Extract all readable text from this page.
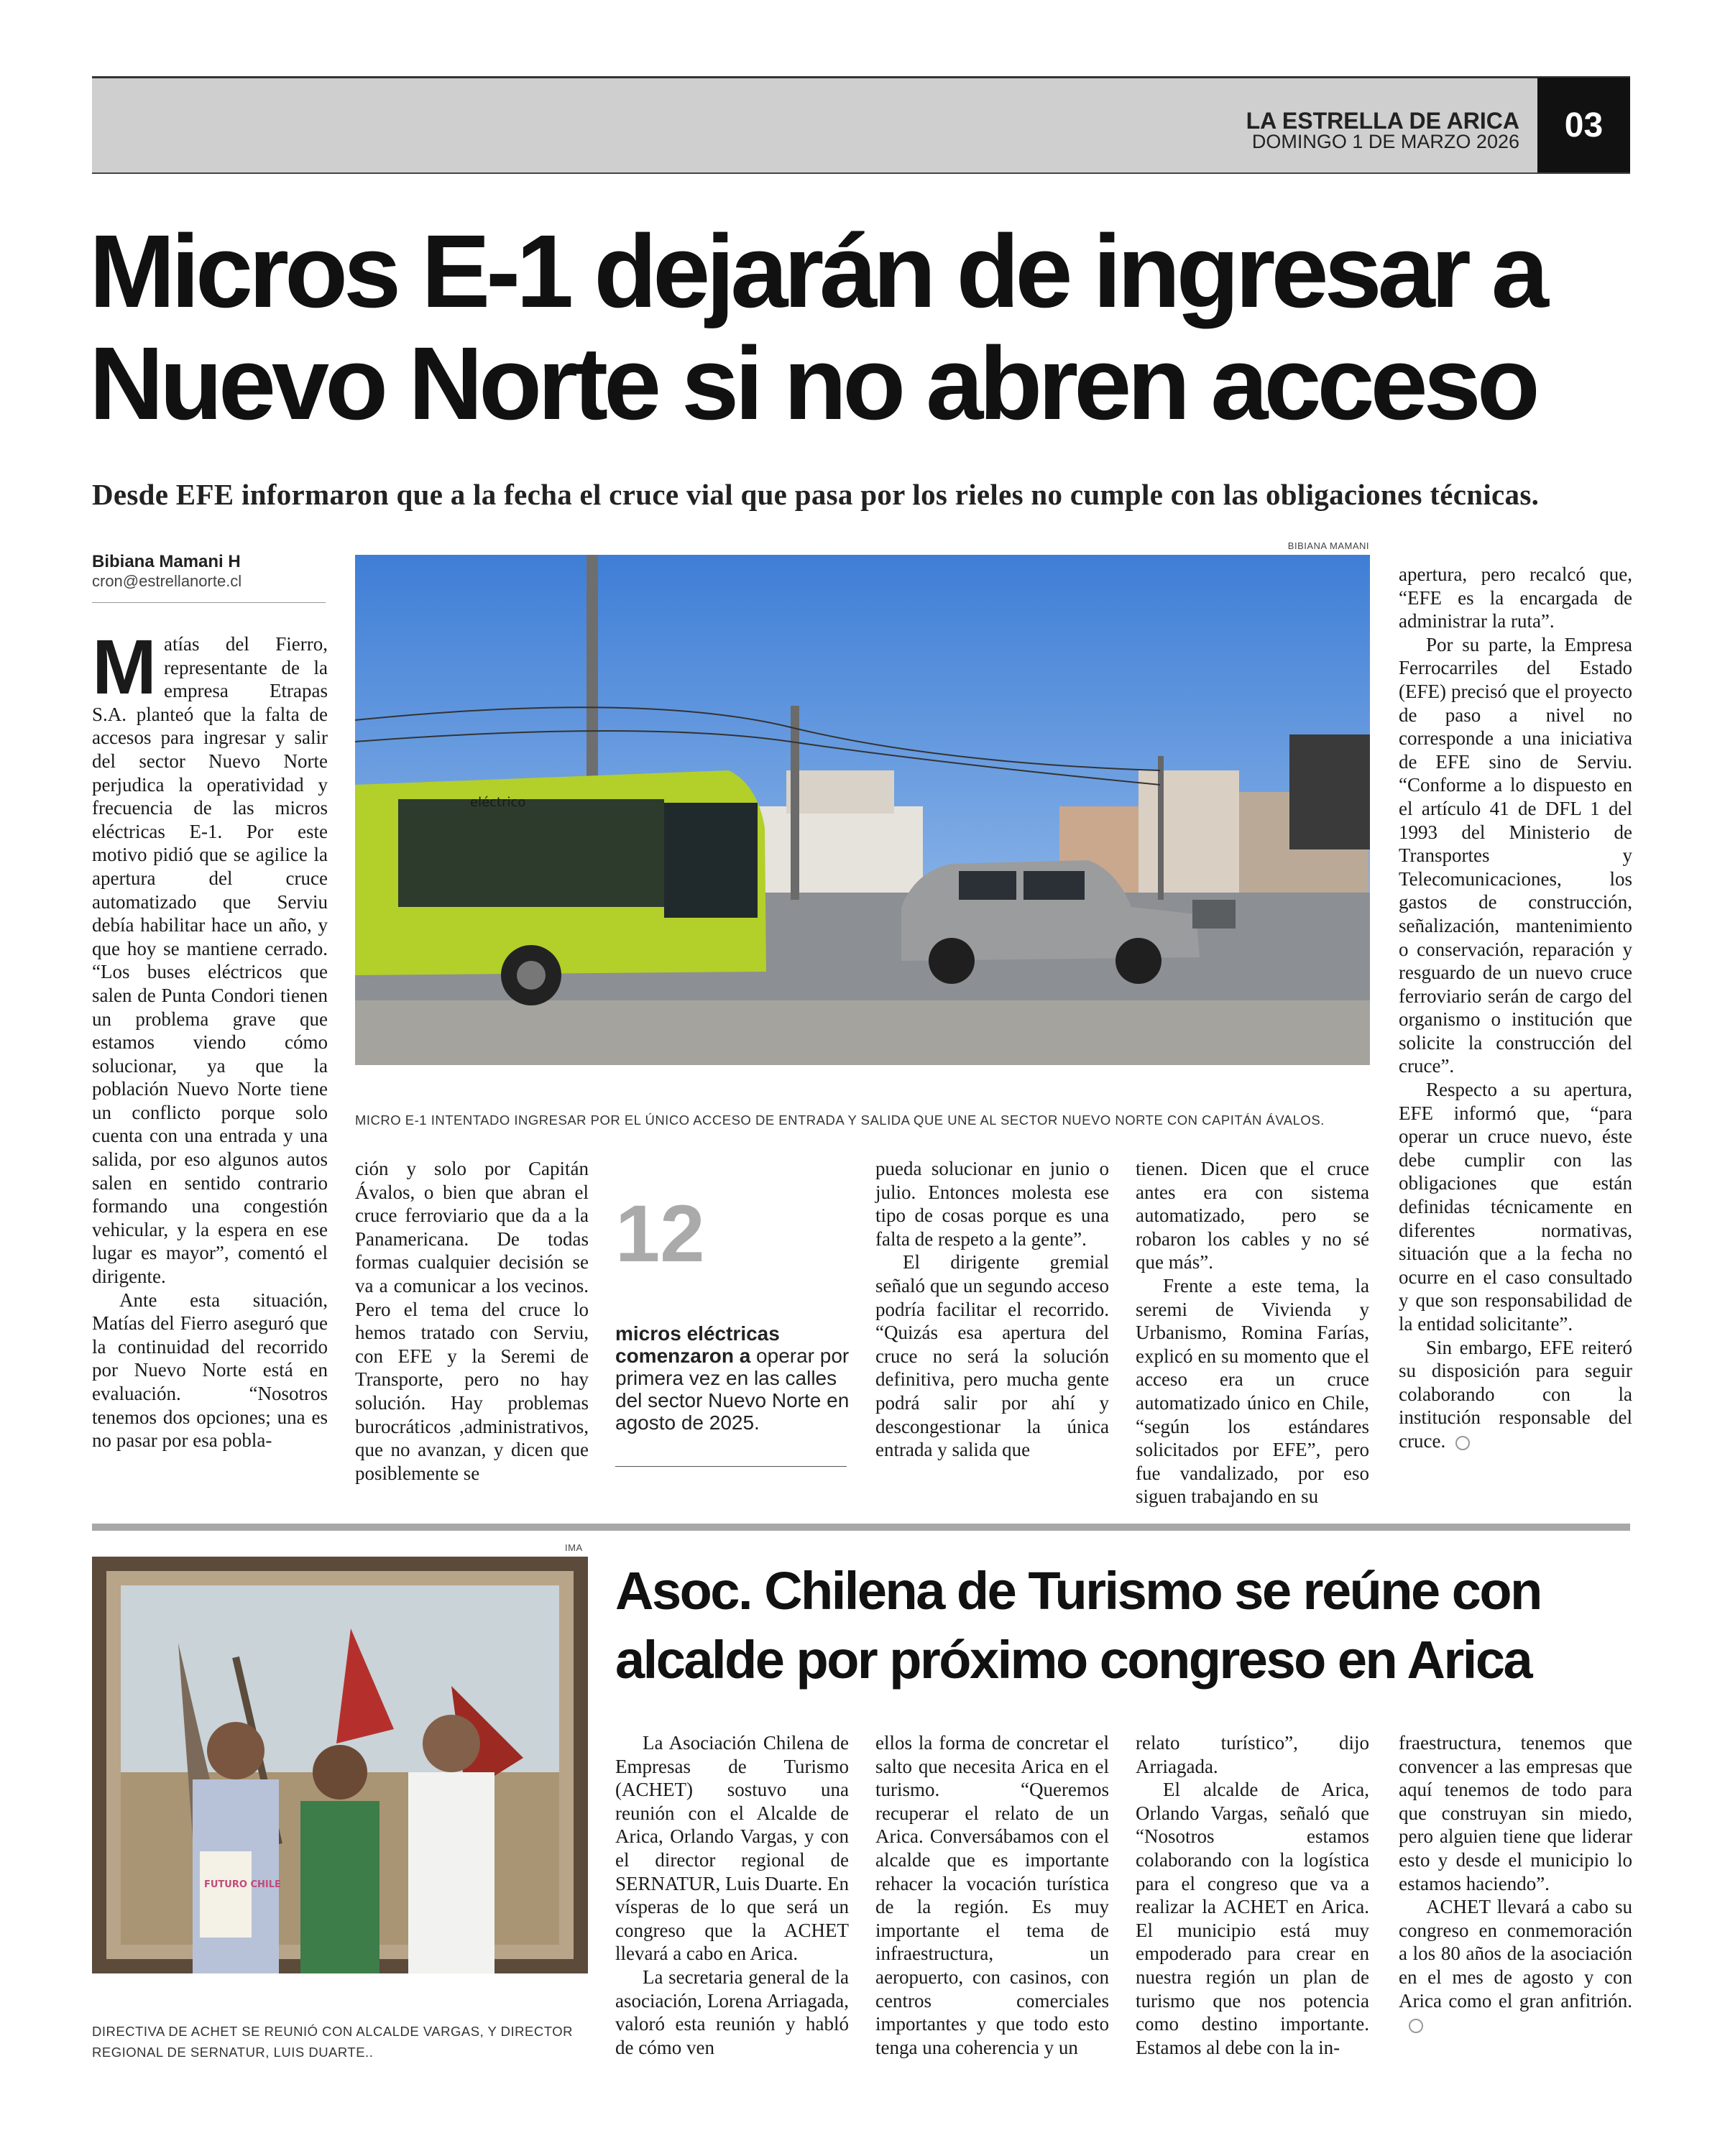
LA ESTRELLA DE ARICA
DOMINGO 1 DE MARZO 2026 03
Micros E-1 dejarán de ingresar a
Nuevo Norte si no abren acceso
Desde EFE informaron que a la fecha el cruce vial que pasa por los rieles no cumple con las obligaciones técnicas.
Bibiana Mamani H
cron@estrellanorte.cl
BIBIANA MAMANI
eléctrico
MICRO E-1 INTENTADO INGRESAR POR EL ÚNICO ACCESO DE ENTRADA Y SALIDA QUE UNE AL SECTOR NUEVO NORTE CON CAPITÁN ÁVALOS.
M atías del Fierro, representante de la empresa Etrapas S.A. planteó que la falta de accesos para ingresar y salir del sector Nuevo Norte perjudica la operatividad y frecuencia de las micros eléctricas E-1. Por este motivo pidió que se agilice la apertura del cruce automatizado que Serviu debía habilitar hace un año, y que hoy se mantiene cerrado. “Los buses eléctricos que salen de Punta Condori tienen un problema grave que estamos viendo cómo solucionar, ya que la población Nuevo Norte tiene un conflicto porque solo cuenta con una entrada y una salida, por eso algunos autos salen en sentido contrario formando una congestión vehicular, y la espera en ese lugar es mayor”, comentó el dirigente.

Ante esta situación, Matías del Fierro aseguró que la continuidad del recorrido por Nuevo Norte está en evaluación. “Nosotros tenemos dos opciones; una es no pasar por esa pobla-

ción y solo por Capitán Ávalos, o bien que abran el cruce ferroviario que da a la Panamericana. De todas formas cualquier decisión se va a comunicar a los vecinos. Pero el tema del cruce lo hemos tratado con Serviu, con EFE y la Seremi de Transporte, pero no hay solución. Hay problemas burocráticos ,administrativos, que no avanzan, y dicen que posiblemente se

12
micros eléctricas comenzaron a operar por primera vez en las calles del sector Nuevo Norte en agosto de 2025.

pueda solucionar en junio o julio. Entonces molesta ese tipo de cosas porque es una falta de respeto a la gente”.

El dirigente gremial señaló que un segundo acceso podría facilitar el recorrido. “Quizás esa apertura del cruce no será la solución definitiva, pero mucha gente podrá salir por ahí y descongestionar la única entrada y salida que

tienen. Dicen que el cruce antes era con sistema automatizado, pero se robaron los cables y no sé que más”.

Frente a este tema, la seremi de Vivienda y Urbanismo, Romina Farías, explicó en su momento que el acceso era un cruce automatizado único en Chile, “según los estándares solicitados por EFE”, pero fue vandalizado, por eso siguen trabajando en su

apertura, pero recalcó que, “EFE es la encargada de administrar la ruta”.

Por su parte, la Empresa Ferrocarriles del Estado (EFE) precisó que el proyecto de paso a nivel no corresponde a una iniciativa de EFE sino de Serviu. “Conforme a lo dispuesto en el artículo 41 de DFL 1 del 1993 del Ministerio de Transportes y Telecomunicaciones, los gastos de construcción, señalización, mantenimiento o conservación, reparación y resguardo de un nuevo cruce ferroviario serán de cargo del organismo o institución que solicite la construcción del cruce”.

Respecto a su apertura, EFE informó que, “para operar un cruce nuevo, éste debe cumplir con las obligaciones que están definidas técnicamente en diferentes normativas, situación que a la fecha no ocurre en el caso consultado y que son responsabilidad de la entidad solicitante”.

Sin embargo, EFE reiteró su disposición para seguir colaborando con la institución responsable del cruce.

IMA
FUTURO CHILE
DIRECTIVA DE ACHET SE REUNIÓ CON ALCALDE VARGAS, Y DIRECTOR REGIONAL DE SERNATUR, LUIS DUARTE..
Asoc. Chilena de Turismo se reúne con
alcalde por próximo congreso en Arica

La Asociación Chilena de Empresas de Turismo (ACHET) sostuvo una reunión con el Alcalde de Arica, Orlando Vargas, y con el director regional de SERNATUR, Luis Duarte. En vísperas de lo que será un congreso que la ACHET llevará a cabo en Arica.

La secretaria general de la asociación, Lorena Arriagada, valoró esta reunión y habló de cómo ven

ellos la forma de concretar el salto que necesita Arica en el turismo. “Queremos recuperar el relato de un Arica. Conversábamos con el alcalde que es importante rehacer la vocación turística de la región. Es muy importante el tema de infraestructura, un aeropuerto, con casinos, con centros comerciales importantes y que todo esto tenga una coherencia y un

relato turístico”, dijo Arriagada.

El alcalde de Arica, Orlando Vargas, señaló que “Nosotros estamos colaborando con la logística para el congreso que va a realizar la ACHET en Arica. El municipio está muy empoderado para crear en nuestra región un plan de turismo que nos potencia como destino importante. Estamos al debe con la in-

fraestructura, tenemos que convencer a las empresas que aquí tenemos de todo para que construyan sin miedo, pero alguien tiene que liderar esto y desde el municipio lo estamos haciendo”.

ACHET llevará a cabo su congreso en conmemoración a los 80 años de la asociación en el mes de agosto y con Arica como el gran anfitrión.
